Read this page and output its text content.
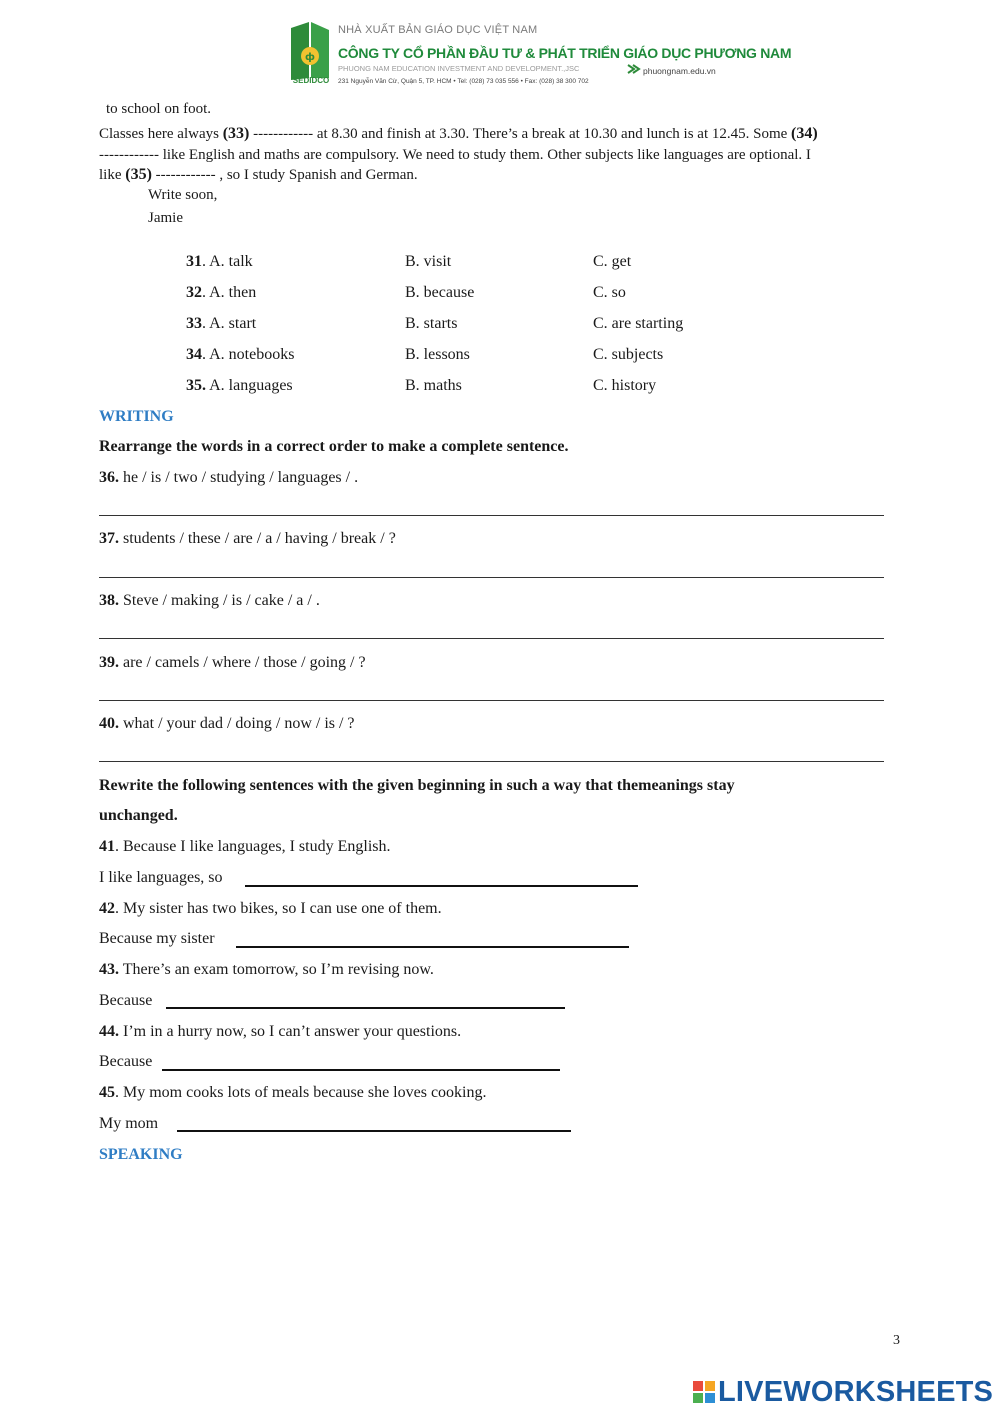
ф
SEDIDCO
NHÀ XUẤT BẢN GIÁO DỤC VIỆT NAM
CÔNG TY CỔ PHẦN ĐẦU TƯ & PHÁT TRIỂN GIÁO DỤC PHƯƠNG NAM
PHUONG NAM EDUCATION INVESTMENT AND DEVELOPMENT.,JSC	phuongnam.edu.vn
231 Nguyễn Văn Cừ, Quận 5, TP. HCM • Tel: (028) 73 035 556 • Fax: (028) 38 300 702
to school on foot.
Classes here always (33) ------------ at 8.30 and finish at 3.30. There’s a break at 10.30 and lunch is at 12.45. Some (34)
------------ like English and maths are compulsory. We need to study them. Other subjects like languages are optional. I
like (35) ------------ , so I study Spanish and German.
Write soon,
Jamie
31. A. talk	B. visit	C. get
32. A. then	B. because	C. so
33. A. start	B. starts	C. are starting
34. A. notebooks	B. lessons	C. subjects
35. A. languages	B. maths	C. history
WRITING
Rearrange the words in a correct order to make a complete sentence.
36. he / is / two / studying / languages / .
37. students / these / are / a / having / break / ?
38. Steve / making / is / cake / a / .
39. are / camels / where / those / going / ?
40. what / your dad / doing / now / is / ?
Rewrite the following sentences with the given beginning in such a way that themeanings stay
unchanged.
41. Because I like languages, I study English.
I like languages, so
42. My sister has two bikes, so I can use one of them.
Because my sister
43. There’s an exam tomorrow, so I’m revising now.
Because
44. I’m in a hurry now, so I can’t answer your questions.
Because
45. My mom cooks lots of meals because she loves cooking.
My mom
SPEAKING
3
LIVEWORKSHEETS
